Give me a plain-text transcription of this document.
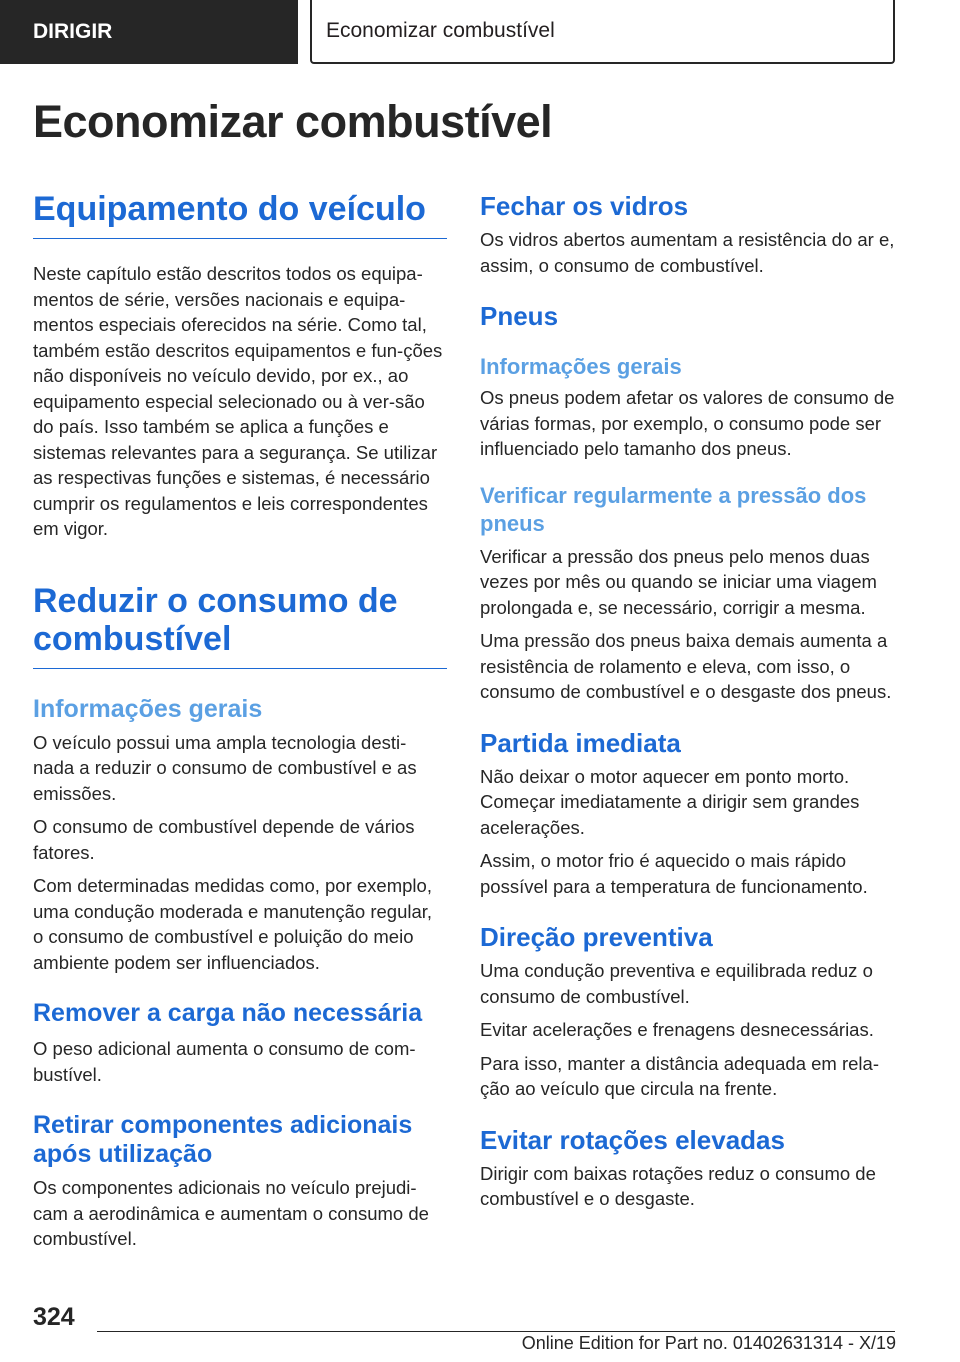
DIRIGIR	Economizar combustível
Economizar combustível
Equipamento do veículo

Neste capítulo estão descritos todos os equipa-mentos de série, versões nacionais e equipa-mentos especiais oferecidos na série. Como tal, também estão descritos equipamentos e fun-ções não disponíveis no veículo devido, por ex., ao equipamento especial selecionado ou à ver-são do país. Isso também se aplica a funções e sistemas relevantes para a segurança. Se utilizar as respectivas funções e sistemas, é necessário cumprir os regulamentos e leis correspondentes em vigor.

Reduzir o consumo de combustível
Informações gerais

O veículo possui uma ampla tecnologia desti-nada a reduzir o consumo de combustível e as emissões.

O consumo de combustível depende de vários fatores.

Com determinadas medidas como, por exemplo, uma condução moderada e manutenção regular, o consumo de combustível e poluição do meio ambiente podem ser influenciados.

Remover a carga não necessária

O peso adicional aumenta o consumo de com-bustível.

Retirar componentes adicionais após utilização

Os componentes adicionais no veículo prejudi-cam a aerodinâmica e aumentam o consumo de combustível.

Fechar os vidros

Os vidros abertos aumentam a resistência do ar e, assim, o consumo de combustível.

Pneus
Informações gerais

Os pneus podem afetar os valores de consumo de várias formas, por exemplo, o consumo pode ser influenciado pelo tamanho dos pneus.

Verificar regularmente a pressão dos pneus

Verificar a pressão dos pneus pelo menos duas vezes por mês ou quando se iniciar uma viagem prolongada e, se necessário, corrigir a mesma.

Uma pressão dos pneus baixa demais aumenta a resistência de rolamento e eleva, com isso, o consumo de combustível e o desgaste dos pneus.

Partida imediata

Não deixar o motor aquecer em ponto morto. Começar imediatamente a dirigir sem grandes acelerações.

Assim, o motor frio é aquecido o mais rápido possível para a temperatura de funcionamento.

Direção preventiva

Uma condução preventiva e equilibrada reduz o consumo de combustível.

Evitar acelerações e frenagens desnecessárias.

Para isso, manter a distância adequada em rela-ção ao veículo que circula na frente.

Evitar rotações elevadas

Dirigir com baixas rotações reduz o consumo de combustível e o desgaste.

324
Online Edition for Part no. 01402631314 - X/19
